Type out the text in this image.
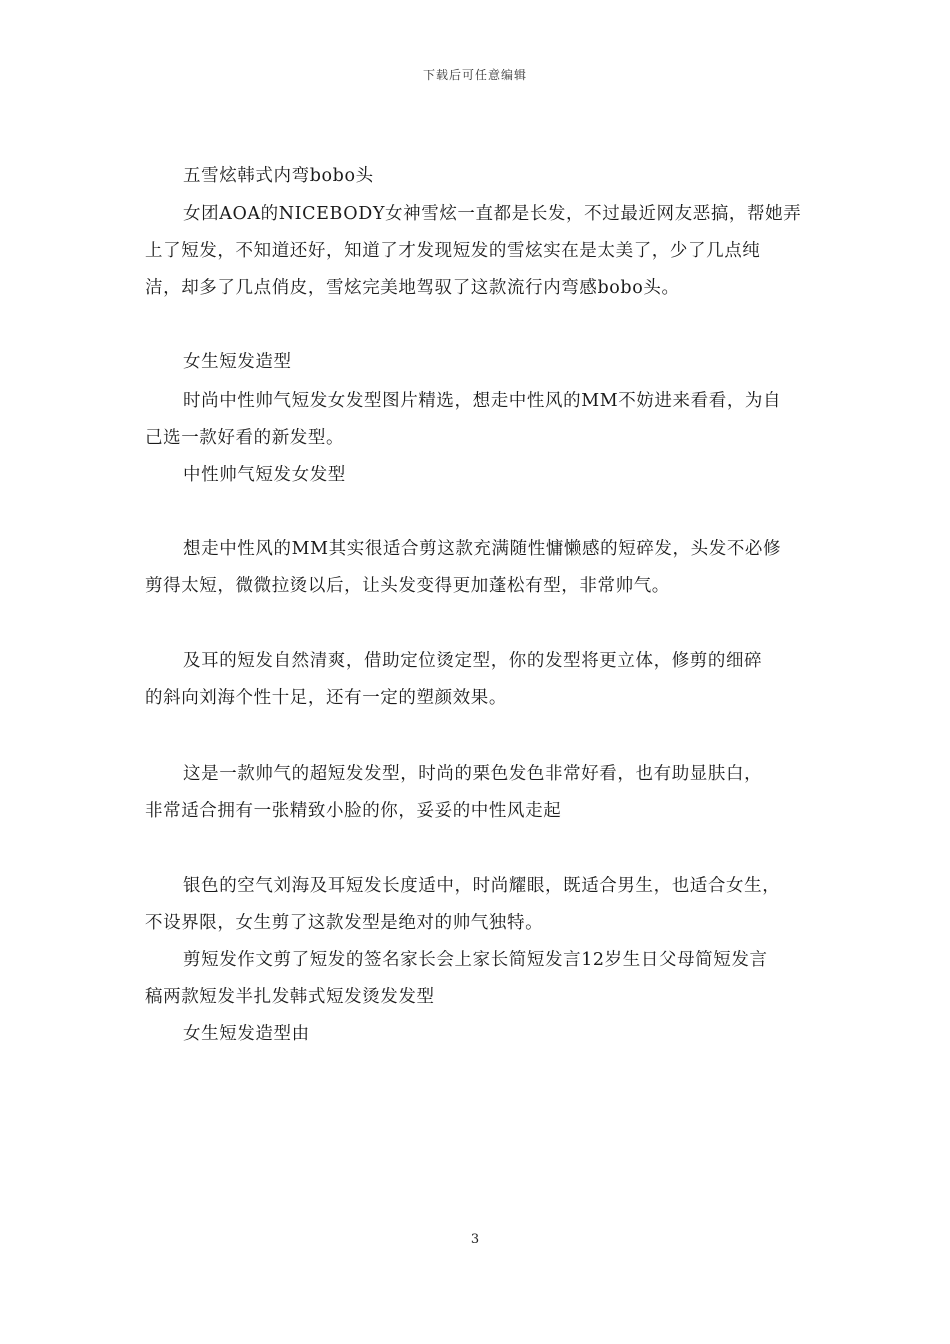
下载后可任意编辑
五雪炫韩式内弯bobo头
女团AOA的NICEBODY女神雪炫一直都是长发，不过最近网友恶搞，帮她弄
上了短发，不知道还好，知道了才发现短发的雪炫实在是太美了，少了几点纯
洁，却多了几点俏皮，雪炫完美地驾驭了这款流行内弯感bobo头。
女生短发造型
时尚中性帅气短发女发型图片精选，想走中性风的MM不妨进来看看，为自
己选一款好看的新发型。
中性帅气短发女发型
想走中性风的MM其实很适合剪这款充满随性慵懒感的短碎发，头发不必修
剪得太短，微微拉烫以后，让头发变得更加蓬松有型，非常帅气。
及耳的短发自然清爽，借助定位烫定型，你的发型将更立体，修剪的细碎
的斜向刘海个性十足，还有一定的塑颜效果。
这是一款帅气的超短发发型，时尚的栗色发色非常好看，也有助显肤白，
非常适合拥有一张精致小脸的你，妥妥的中性风走起
银色的空气刘海及耳短发长度适中，时尚耀眼，既适合男生，也适合女生，
不设界限，女生剪了这款发型是绝对的帅气独特。
剪短发作文剪了短发的签名家长会上家长简短发言12岁生日父母简短发言
稿两款短发半扎发韩式短发烫发发型
女生短发造型由
3
